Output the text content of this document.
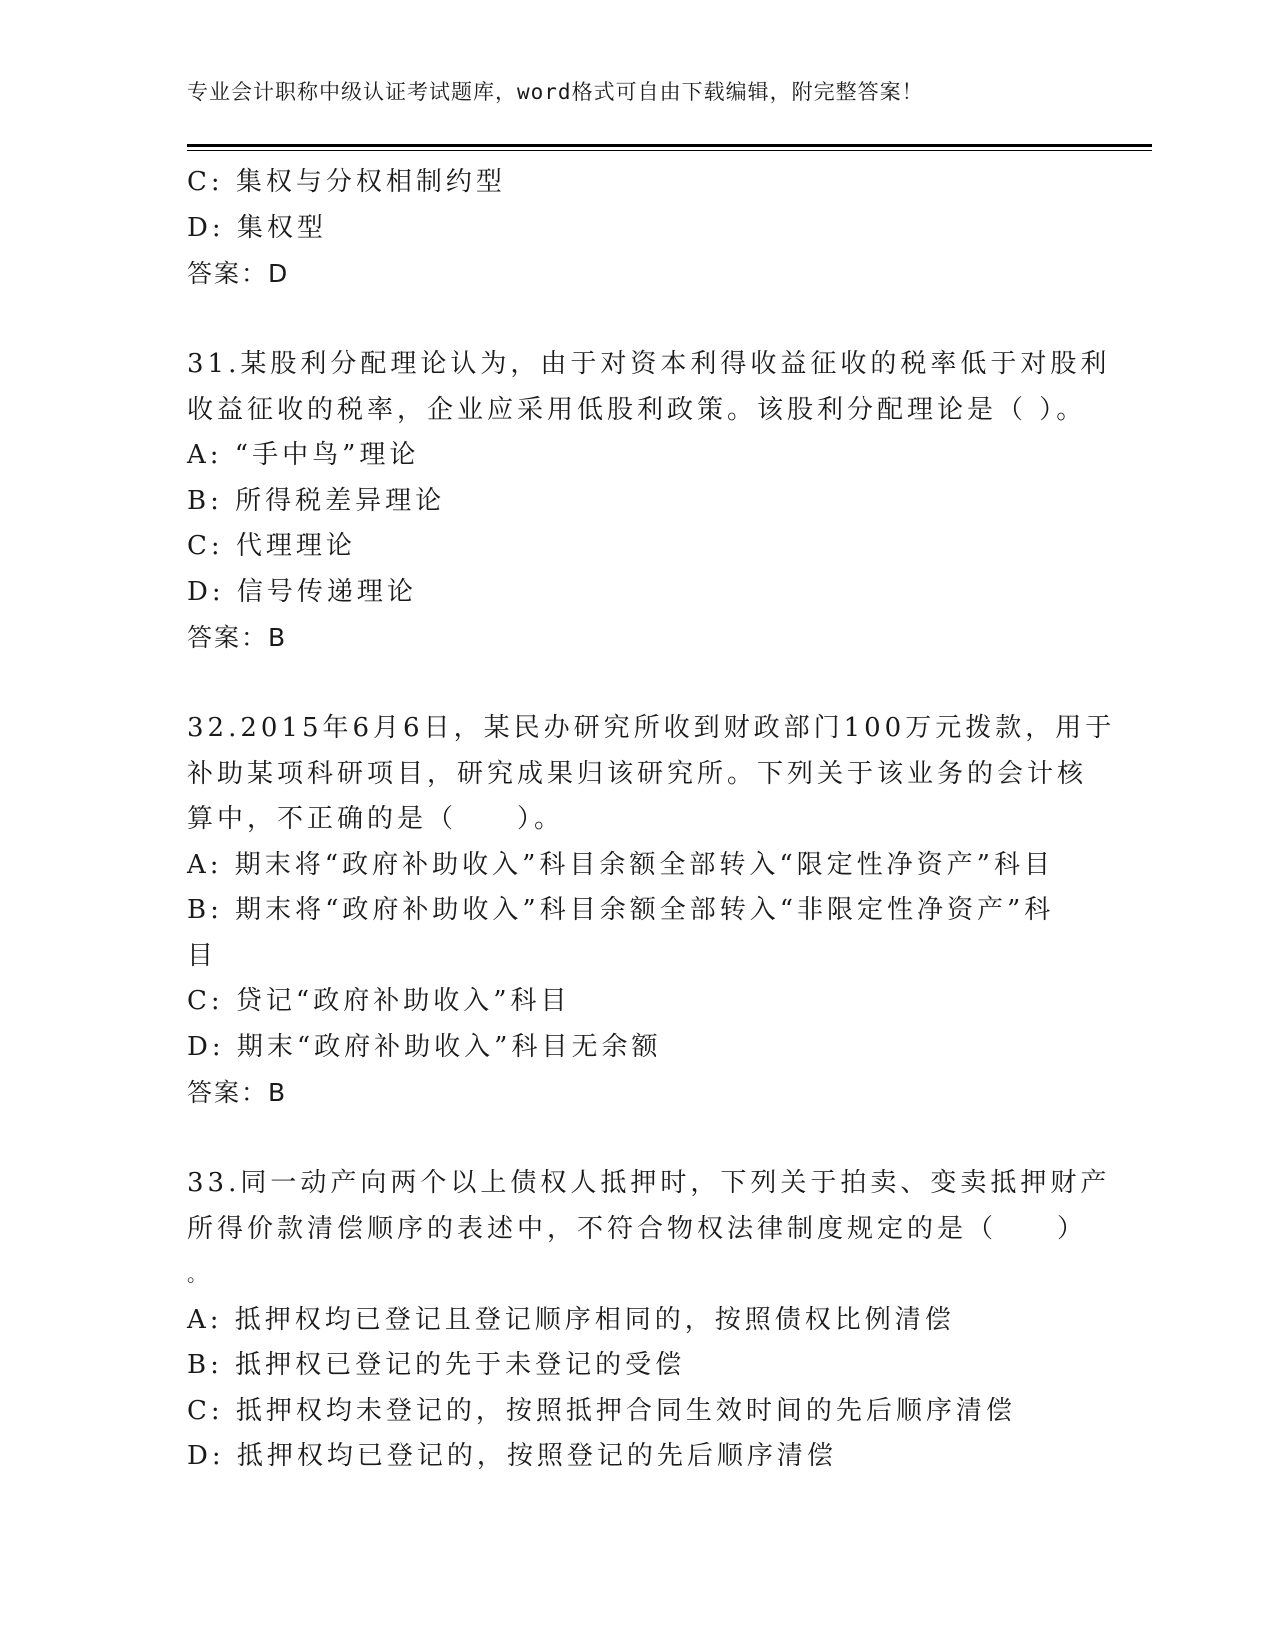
专业会计职称中级认证考试题库，word格式可自由下载编辑，附完整答案！
C: 集权与分权相制约型
D: 集权型
答案：D
31.某股利分配理论认为，由于对资本利得收益征收的税率低于对股利
收益征收的税率，企业应采用低股利政策。该股利分配理论是（ ）。
A: “手中鸟”理论
B: 所得税差异理论
C: 代理理论
D: 信号传递理论
答案：B
32.2015年6月6日，某民办研究所收到财政部门100万元拨款，用于
补助某项科研项目，研究成果归该研究所。下列关于该业务的会计核
算中，不正确的是（　　）。
A: 期末将“政府补助收入”科目余额全部转入“限定性净资产”科目
B: 期末将“政府补助收入”科目余额全部转入“非限定性净资产”科
目
C: 贷记“政府补助收入”科目
D: 期末“政府补助收入”科目无余额
答案：B
33.同一动产向两个以上债权人抵押时，下列关于拍卖、变卖抵押财产
所得价款清偿顺序的表述中，不符合物权法律制度规定的是（　　）
。
A: 抵押权均已登记且登记顺序相同的，按照债权比例清偿
B: 抵押权已登记的先于未登记的受偿
C: 抵押权均未登记的，按照抵押合同生效时间的先后顺序清偿
D: 抵押权均已登记的，按照登记的先后顺序清偿
